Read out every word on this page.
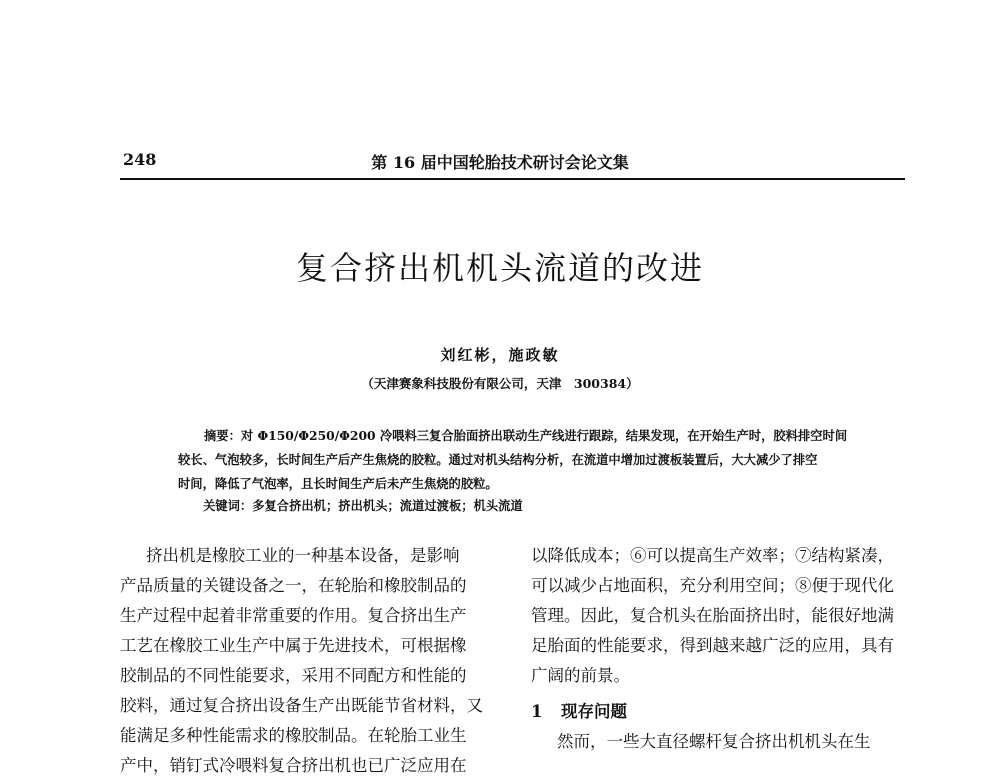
248	第 16 届中国轮胎技术研讨会论文集
复合挤出机机头流道的改进
刘红彬，施政敏
（天津赛象科技股份有限公司，天津　300384）
摘要：对 Φ150/Φ250/Φ200 冷喂料三复合胎面挤出联动生产线进行跟踪，结果发现，在开始生产时，胶料排空时间
较长、气泡较多，长时间生产后产生焦烧的胶粒。通过对机头结构分析，在流道中增加过渡板装置后，大大减少了排空
时间，降低了气泡率，且长时间生产后未产生焦烧的胶粒。
关键词：多复合挤出机；挤出机头；流道过渡板；机头流道
挤出机是橡胶工业的一种基本设备，是影响
产品质量的关键设备之一，在轮胎和橡胶制品的
生产过程中起着非常重要的作用。复合挤出生产
工艺在橡胶工业生产中属于先进技术，可根据橡
胶制品的不同性能要求，采用不同配方和性能的
胶料，通过复合挤出设备生产出既能节省材料，又
能满足多种性能需求的橡胶制品。在轮胎工业生
产中，销钉式冷喂料复合挤出机也已广泛应用在
以降低成本；⑥可以提高生产效率；⑦结构紧凑，
可以减少占地面积，充分利用空间；⑧便于现代化
管理。因此，复合机头在胎面挤出时，能很好地满
足胎面的性能要求，得到越来越广泛的应用，具有
广阔的前景。
1 现存问题
然而，一些大直径螺杆复合挤出机机头在生
